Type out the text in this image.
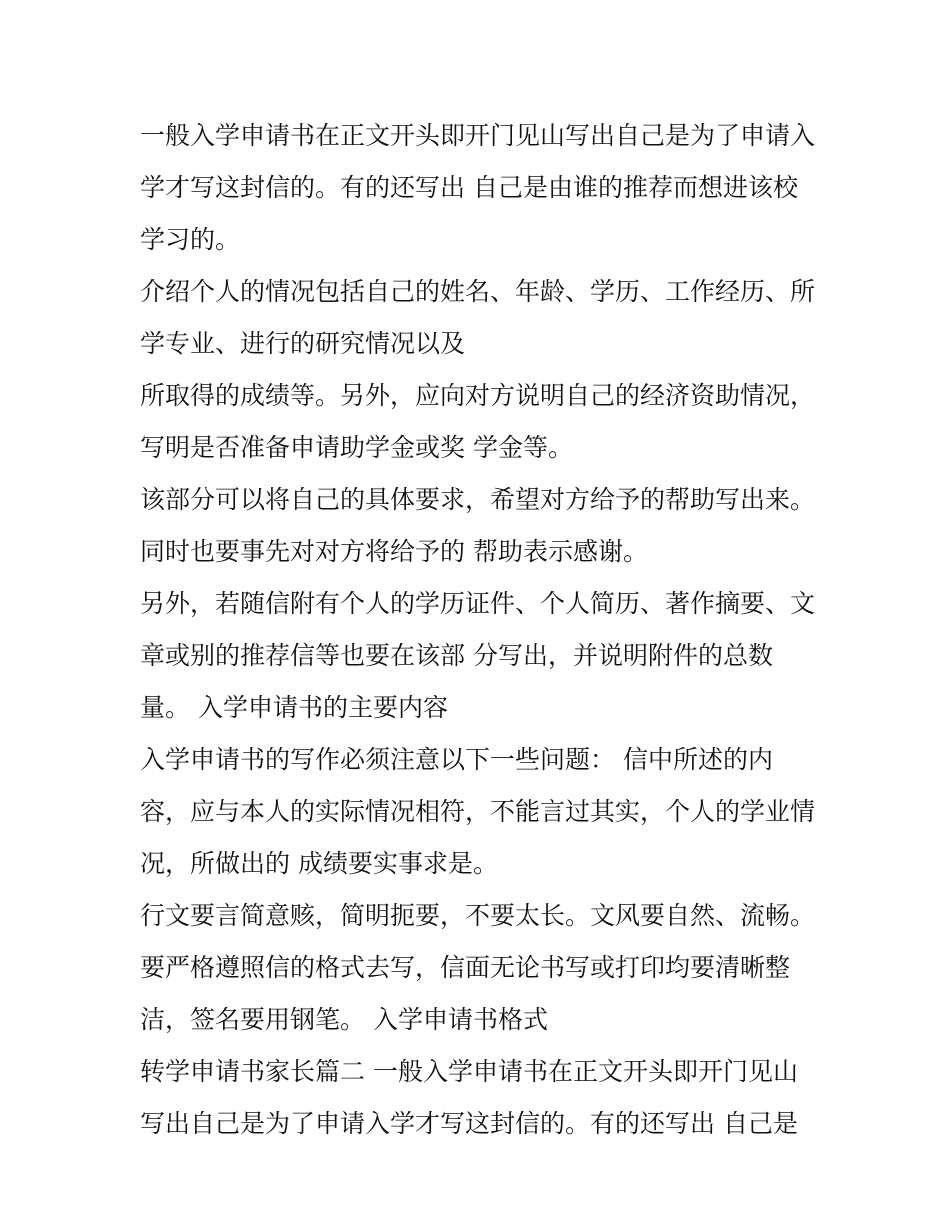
一般入学申请书在正文开头即开门见山写出自己是为了申请入
学才写这封信的。有的还写出 自己是由谁的推荐而想进该校
学习的。
介绍个人的情况包括自己的姓名、年龄、学历、工作经历、所
学专业、进行的研究情况以及
所取得的成绩等。另外，应向对方说明自己的经济资助情况，
写明是否准备申请助学金或奖 学金等。
该部分可以将自己的具体要求，希望对方给予的帮助写出来。
同时也要事先对对方将给予的 帮助表示感谢。
另外，若随信附有个人的学历证件、个人简历、著作摘要、文
章或别的推荐信等也要在该部 分写出，并说明附件的总数
量。 入学申请书的主要内容
入学申请书的写作必须注意以下一些问题： 信中所述的内
容，应与本人的实际情况相符，不能言过其实，个人的学业情
况，所做出的 成绩要实事求是。
行文要言简意赅，简明扼要，不要太长。文风要自然、流畅。
要严格遵照信的格式去写，信面无论书写或打印均要清晰整
洁，签名要用钢笔。 入学申请书格式
转学申请书家长篇二 一般入学申请书在正文开头即开门见山
写出自己是为了申请入学才写这封信的。有的还写出 自己是
